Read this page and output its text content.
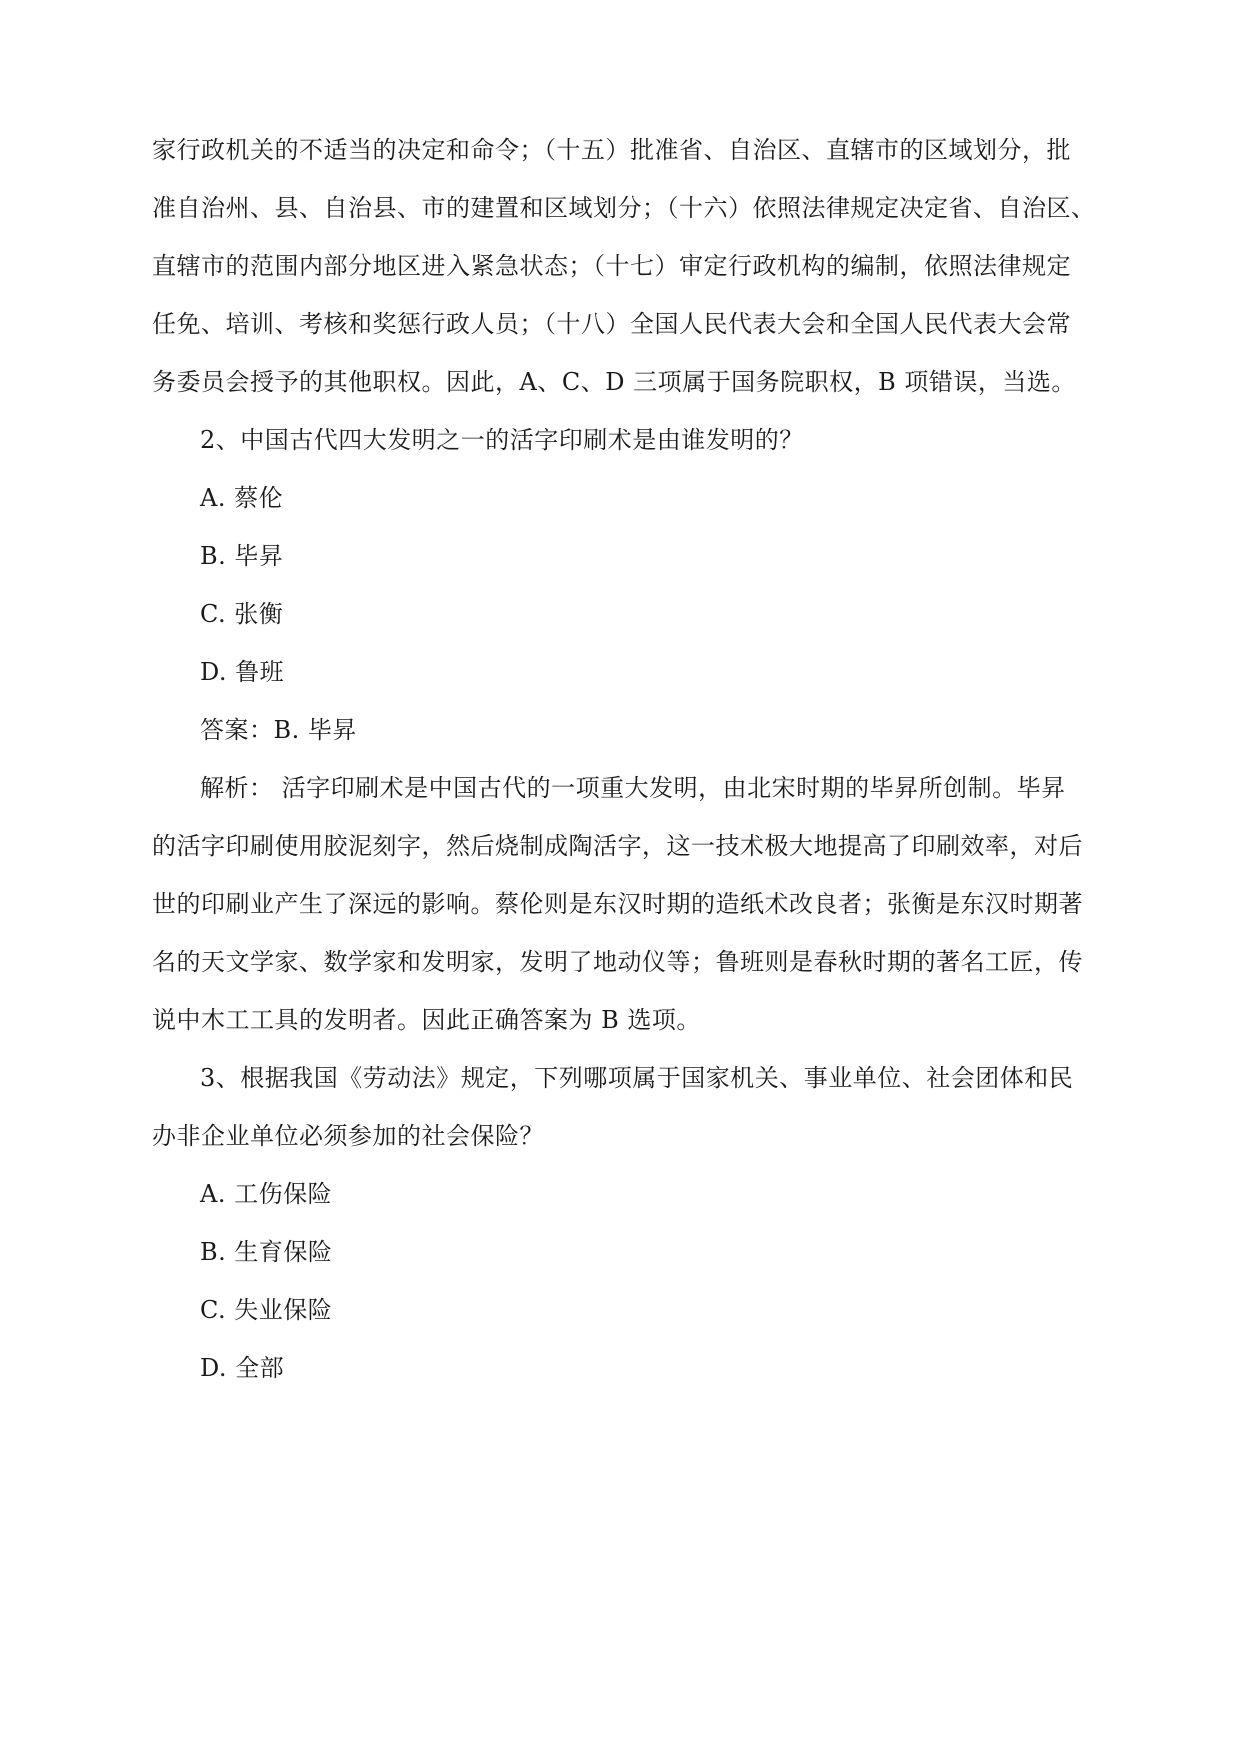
家行政机关的不适当的决定和命令；（十五）批准省、自治区、直辖市的区域划分，批
准自治州、县、自治县、市的建置和区域划分；（十六）依照法律规定决定省、自治区、
直辖市的范围内部分地区进入紧急状态；（十七）审定行政机构的编制，依照法律规定
任免、培训、考核和奖惩行政人员；（十八）全国人民代表大会和全国人民代表大会常
务委员会授予的其他职权。因此，A、C、D 三项属于国务院职权，B 项错误，当选。
2、中国古代四大发明之一的活字印刷术是由谁发明的？
A. 蔡伦
B. 毕昇
C. 张衡
D. 鲁班
答案：B. 毕昇
解析： 活字印刷术是中国古代的一项重大发明，由北宋时期的毕昇所创制。毕昇
的活字印刷使用胶泥刻字，然后烧制成陶活字，这一技术极大地提高了印刷效率，对后
世的印刷业产生了深远的影响。蔡伦则是东汉时期的造纸术改良者；张衡是东汉时期著
名的天文学家、数学家和发明家，发明了地动仪等；鲁班则是春秋时期的著名工匠，传
说中木工工具的发明者。因此正确答案为 B 选项。
3、根据我国《劳动法》规定，下列哪项属于国家机关、事业单位、社会团体和民
办非企业单位必须参加的社会保险？
A. 工伤保险
B. 生育保险
C. 失业保险
D. 全部
